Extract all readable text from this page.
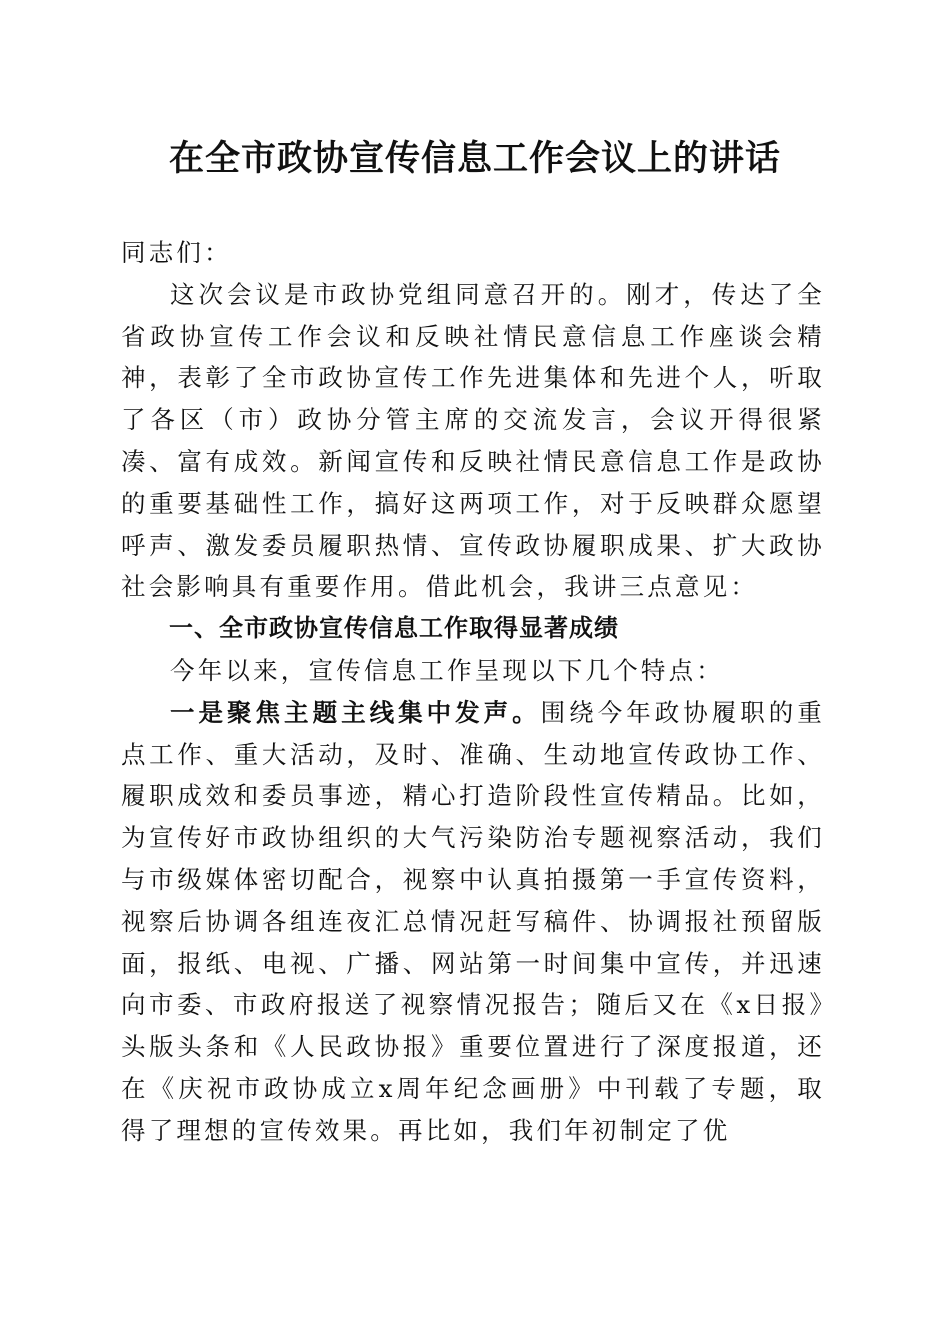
在全市政协宣传信息工作会议上的讲话

同志们：

这次会议是市政协党组同意召开的。刚才，传达了全省政协宣传工作会议和反映社情民意信息工作座谈会精神，表彰了全市政协宣传工作先进集体和先进个人，听取了各区（市）政协分管主席的交流发言，会议开得很紧凑、富有成效。新闻宣传和反映社情民意信息工作是政协的重要基础性工作，搞好这两项工作，对于反映群众愿望呼声、激发委员履职热情、宣传政协履职成果、扩大政协社会影响具有重要作用。借此机会，我讲三点意见：

一、全市政协宣传信息工作取得显著成绩

今年以来，宣传信息工作呈现以下几个特点：

一是聚焦主题主线集中发声。围绕今年政协履职的重点工作、重大活动，及时、准确、生动地宣传政协工作、履职成效和委员事迹，精心打造阶段性宣传精品。比如，为宣传好市政协组织的大气污染防治专题视察活动，我们与市级媒体密切配合，视察中认真拍摄第一手宣传资料，视察后协调各组连夜汇总情况赶写稿件、协调报社预留版面，报纸、电视、广播、网站第一时间集中宣传，并迅速向市委、市政府报送了视察情况报告；随后又在《x日报》头版头条和《人民政协报》重要位置进行了深度报道，还在《庆祝市政协成立x周年纪念画册》中刊载了专题，取得了理想的宣传效果。再比如，我们年初制定了优
